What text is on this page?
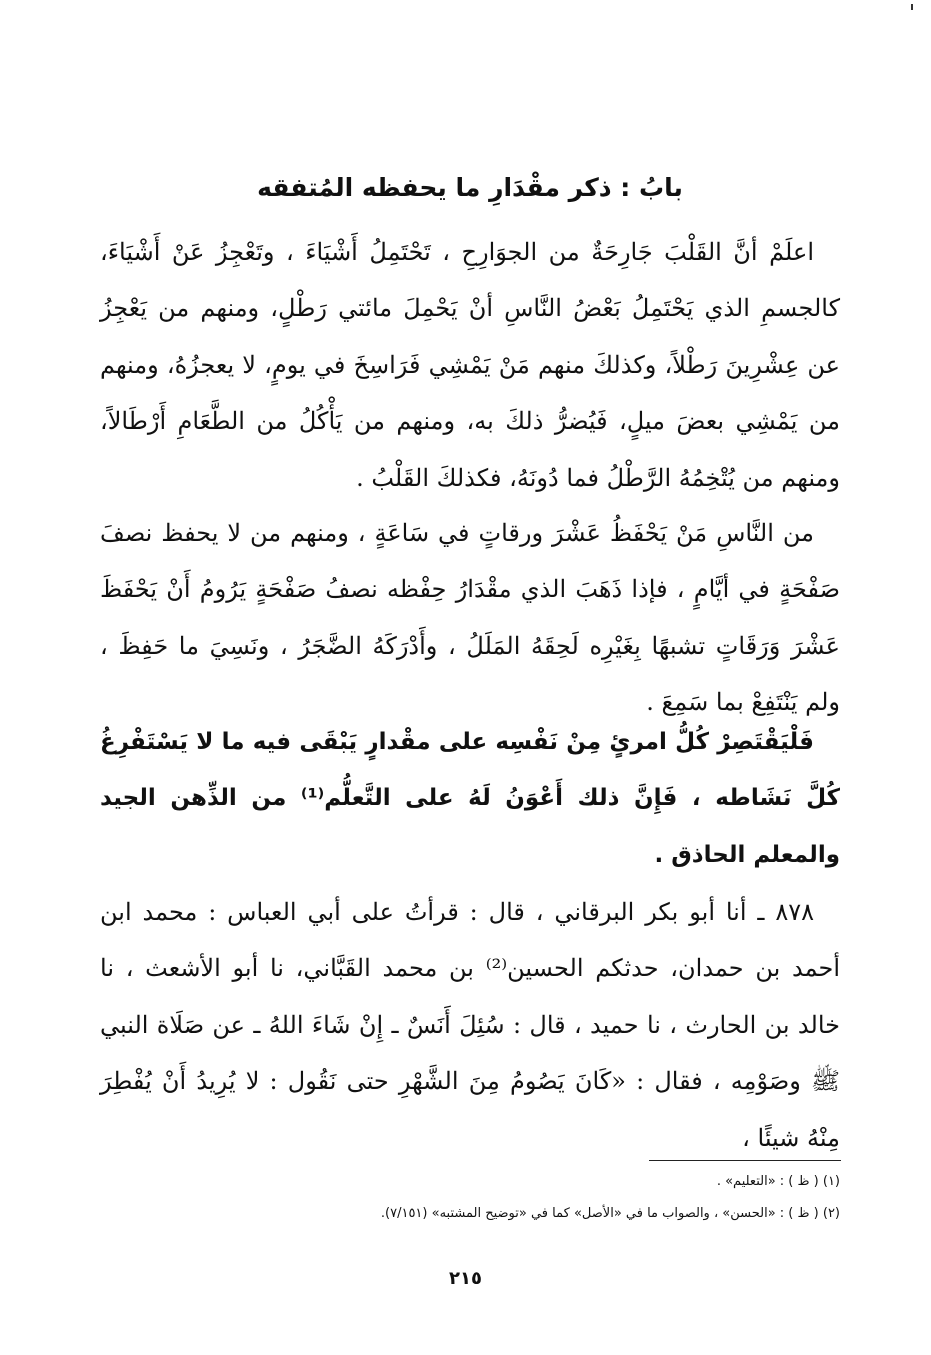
بابُ : ذكر مقْدَارِ ما يحفظه المُتفقه

اعلَمْ أنَّ القَلْبَ جَارِحَةٌ من الجوَارِحِ ، تَحْتَمِلُ أَشْيَاءَ ، وتَعْجِزُ عَنْ أَشْيَاءَ، كالجسمِ الذي يَحْتَمِلُ بَعْضُ النَّاسِ أنْ يَحْمِلَ مائتي رَطْلٍ، ومنهم من يَعْجِزُ عن عِشْرِينَ رَطْلاً، وكذلكَ منهم مَنْ يَمْشِي فَرَاسِخَ في يومٍ، لا يعجزُهُ، ومنهم من يَمْشِي بعضَ ميلٍ، فَيُضرُّ ذلكَ به، ومنهم من يَأْكُلُ من الطَّعَامِ أَرْطَالاً، ومنهم من يُتْخِمُهُ الرَّطْلُ فما دُونَهُ، فكذلكَ القَلْبُ .

من النَّاسِ مَنْ يَحْفَظُ عَشْرَ ورقاتٍ في سَاعَةٍ ، ومنهم من لا يحفظ نصفَ صَفْحَةٍ في أيَّامٍ ، فإذا ذَهَبَ الذي مقْدَارُ حِفْظه نصفُ صَفْحَةٍ يَرُومُ أَنْ يَحْفَظَ عَشْرَ وَرَقَاتٍ تشبهًا بِغَيْرِه لَحِقَهُ المَلَلُ ، وأَدْرَكَهُ الضَّجَرُ ، ونَسِيَ ما حَفِظَ ، ولم يَنْتَفِعْ بما سَمِعَ .

فَلْيَقْتَصِرْ كُلُّ امرئٍ مِنْ نَفْسِه على مقْدارٍ يَبْقَى فيه ما لا يَسْتَفْرِغُ كُلَّ نَشَاطه ، فَإِنَّ ذلك أَعْوَنُ لَهُ على التَّعلُّم⁽¹⁾ من الذِّهن الجيد والمعلم الحاذق .

٨٧٨ ـ أنا أبو بكر البرقاني ، قال : قرأتُ على أبي العباس : محمد ابن أحمد بن حمدان، حدثكم الحسين⁽²⁾ بن محمد القَبَّاني، نا أبو الأشعث ، نا خالد بن الحارث ، نا حميد ، قال : سُئِلَ أَنَسٌ ـ إِنْ شَاءَ اللهُ ـ عن صَلَاة النبي ﷺ وصَوْمِه ، فقال : «كَانَ يَصُومُ مِنَ الشَّهْرِ حتى نَقُول : لا يُرِيدُ أَنْ يُفْطِرَ مِنْهُ شيئًا ،

(١) ( ظ ) : «التعليم» .

(٢) ( ظ ) : «الحسن» ، والصواب ما في «الأصل» كما في «توضيح المشتبه» (٧/١٥١).

٢١٥
